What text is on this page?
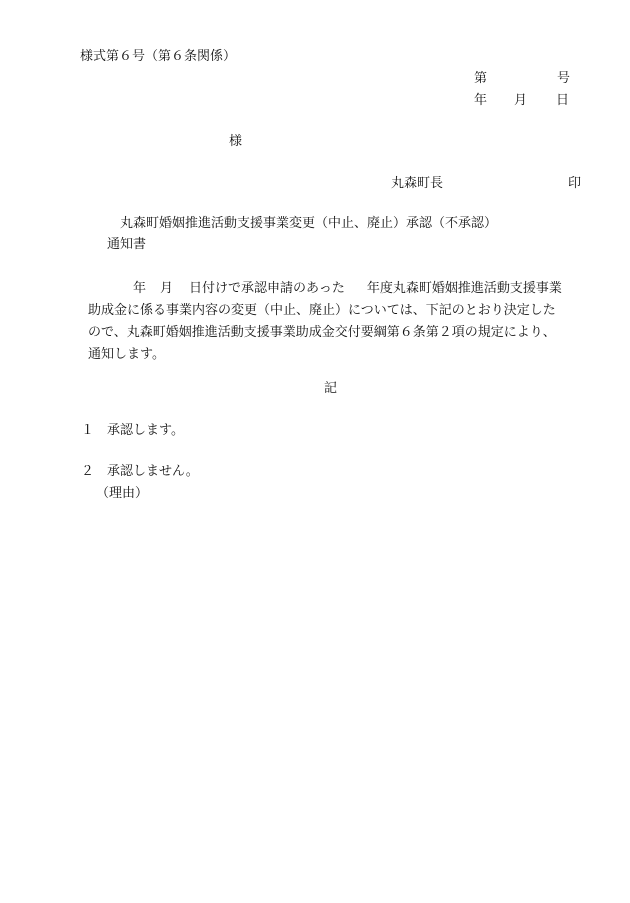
様式第６号（第６条関係）
第	号
年 月 日
様
丸森町長	印
丸森町婚姻推進活動支援事業変更（中止、廃止）承認（不承認）
通知書
年 月 日付けで承認申請のあった 年度丸森町婚姻推進活動支援事業
助成金に係る事業内容の変更（中止、廃止）については、下記のとおり決定した
ので、丸森町婚姻推進活動支援事業助成金交付要綱第６条第２項の規定により、
通知します。
記
１ 承認します。
２ 承認しません。
（理由）
